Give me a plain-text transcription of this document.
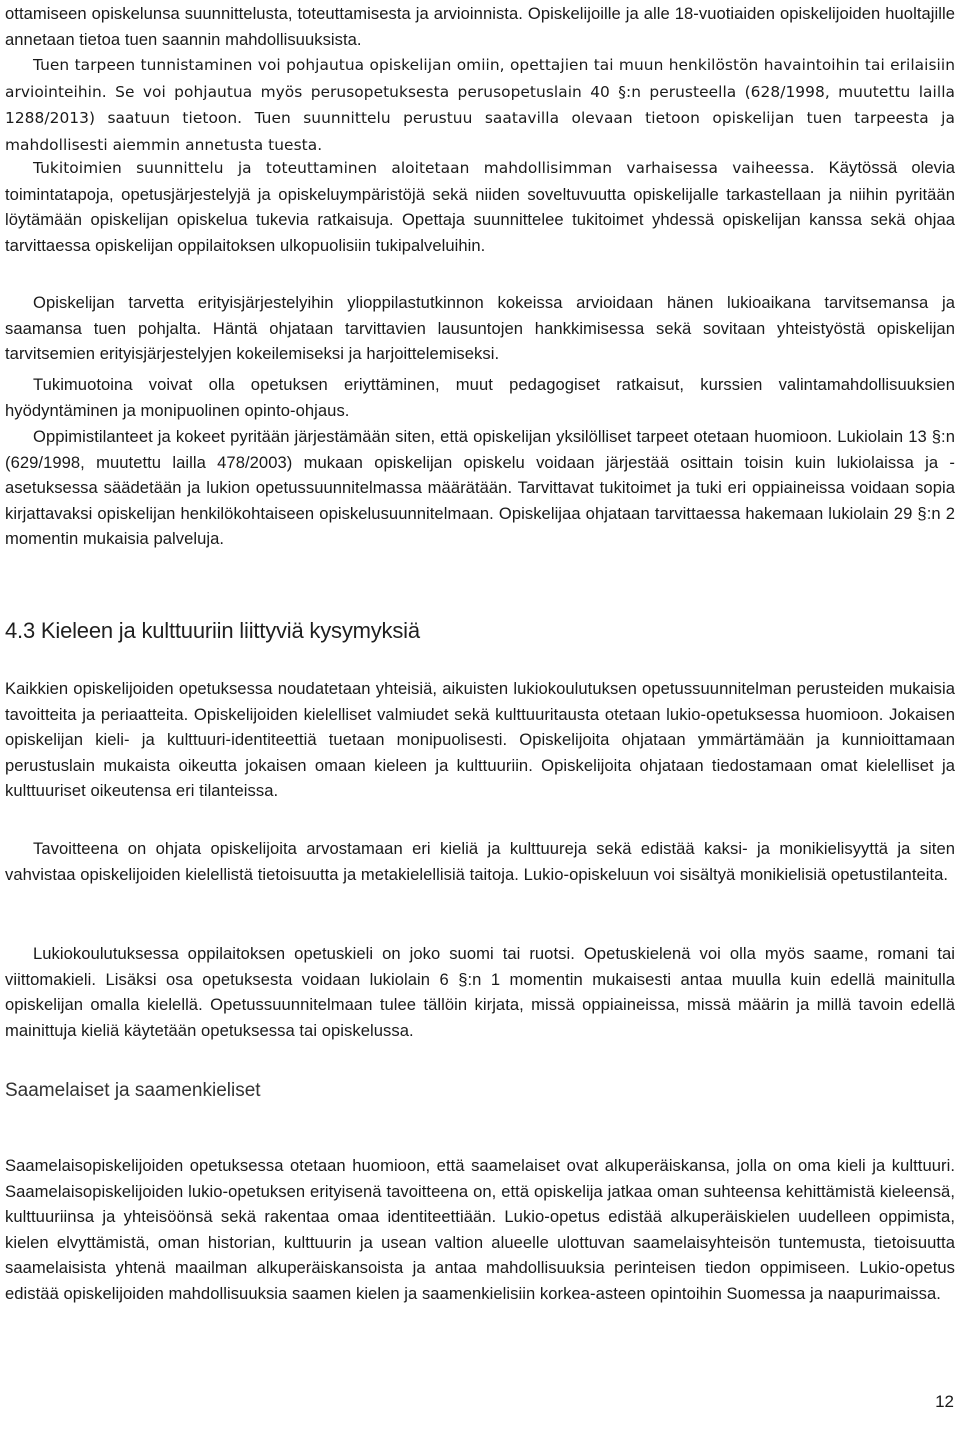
ottamiseen opiskelunsa suunnittelusta, toteuttamisesta ja arvioinnista. Opiskelijoille ja alle 18-vuotiaiden opiskelijoiden huoltajille annetaan tietoa tuen saannin mahdollisuuksista.

Tuen tarpeen tunnistaminen voi pohjautua opiskelijan omiin, opettajien tai muun henkilöstön havaintoihin tai erilaisiin arviointeihin. Se voi pohjautua myös perusopetuksesta perusopetuslain 40 §:n perusteella (628/1998, muutettu lailla 1288/2013) saatuun tietoon. Tuen suunnittelu perustuu saatavilla olevaan tietoon opiskelijan tuen tarpeesta ja mahdollisesti aiemmin annetusta tuesta.

Tukitoimien suunnittelu ja toteuttaminen aloitetaan mahdollisimman varhaisessa vaiheessa. Käytössä olevia toimintatapoja, opetusjärjestelyjä ja opiskeluympäristöjä sekä niiden soveltuvuutta opiskelijalle tarkastellaan ja niihin pyritään löytämään opiskelijan opiskelua tukevia ratkaisuja. Opettaja suunnittelee tukitoimet yhdessä opiskelijan kanssa sekä ohjaa tarvittaessa opiskelijan oppilaitoksen ulkopuolisiin tukipalveluihin.

Opiskelijan tarvetta erityisjärjestelyihin ylioppilastutkinnon kokeissa arvioidaan hänen lukioaikana tarvitsemansa ja saamansa tuen pohjalta. Häntä ohjataan tarvittavien lausuntojen hankkimisessa sekä sovitaan yhteistyöstä opiskelijan tarvitsemien erityisjärjestelyjen kokeilemiseksi ja harjoittelemiseksi.

Tukimuotoina voivat olla opetuksen eriyttäminen, muut pedagogiset ratkaisut, kurssien valintamahdollisuuksien hyödyntäminen ja monipuolinen opinto-ohjaus.

Oppimistilanteet ja kokeet pyritään järjestämään siten, että opiskelijan yksilölliset tarpeet otetaan huomioon. Lukiolain 13 §:n (629/1998, muutettu lailla 478/2003) mukaan opiskelijan opiskelu voidaan järjestää osittain toisin kuin lukiolaissa ja -asetuksessa säädetään ja lukion opetussuunnitelmassa määrätään. Tarvittavat tukitoimet ja tuki eri oppiaineissa voidaan sopia kirjattavaksi opiskelijan henkilökohtaiseen opiskelusuunnitelmaan. Opiskelijaa ohjataan tarvittaessa hakemaan lukiolain 29 §:n 2 momentin mukaisia palveluja.

4.3 Kieleen ja kulttuuriin liittyviä kysymyksiä

Kaikkien opiskelijoiden opetuksessa noudatetaan yhteisiä, aikuisten lukiokoulutuksen opetussuunnitelman perusteiden mukaisia tavoitteita ja periaatteita. Opiskelijoiden kielelliset valmiudet sekä kulttuuritausta otetaan lukio-opetuksessa huomioon. Jokaisen opiskelijan kieli- ja kulttuuri-identiteettiä tuetaan monipuolisesti. Opiskelijoita ohjataan ymmärtämään ja kunnioittamaan perustuslain mukaista oikeutta jokaisen omaan kieleen ja kulttuuriin. Opiskelijoita ohjataan tiedostamaan omat kielelliset ja kulttuuriset oikeutensa eri tilanteissa.

Tavoitteena on ohjata opiskelijoita arvostamaan eri kieliä ja kulttuureja sekä edistää kaksi- ja monikielisyyttä ja siten vahvistaa opiskelijoiden kielellistä tietoisuutta ja metakielellisiä taitoja. Lukio-opiskeluun voi sisältyä monikielisiä opetustilanteita.

Lukiokoulutuksessa oppilaitoksen opetuskieli on joko suomi tai ruotsi. Opetuskielenä voi olla myös saame, romani tai viittomakieli. Lisäksi osa opetuksesta voidaan lukiolain 6 §:n 1 momentin mukaisesti antaa muulla kuin edellä mainitulla opiskelijan omalla kielellä. Opetussuunnitelmaan tulee tällöin kirjata, missä oppiaineissa, missä määrin ja millä tavoin edellä mainittuja kieliä käytetään opetuksessa tai opiskelussa.

Saamelaiset ja saamenkieliset

Saamelaisopiskelijoiden opetuksessa otetaan huomioon, että saamelaiset ovat alkuperäiskansa, jolla on oma kieli ja kulttuuri. Saamelaisopiskelijoiden lukio-opetuksen erityisenä tavoitteena on, että opiskelija jatkaa oman suhteensa kehittämistä kieleensä, kulttuuriinsa ja yhteisöönsä sekä rakentaa omaa identiteettiään. Lukio-opetus edistää alkuperäiskielen uudelleen oppimista, kielen elvyttämistä, oman historian, kulttuurin ja usean valtion alueelle ulottuvan saamelaisyhteisön tuntemusta, tietoisuutta saamelaisista yhtenä maailman alkuperäiskansoista ja antaa mahdollisuuksia perinteisen tiedon oppimiseen. Lukio-opetus edistää opiskelijoiden mahdollisuuksia saamen kielen ja saamenkielisiin korkea-asteen opintoihin Suomessa ja naapurimaissa.

12
